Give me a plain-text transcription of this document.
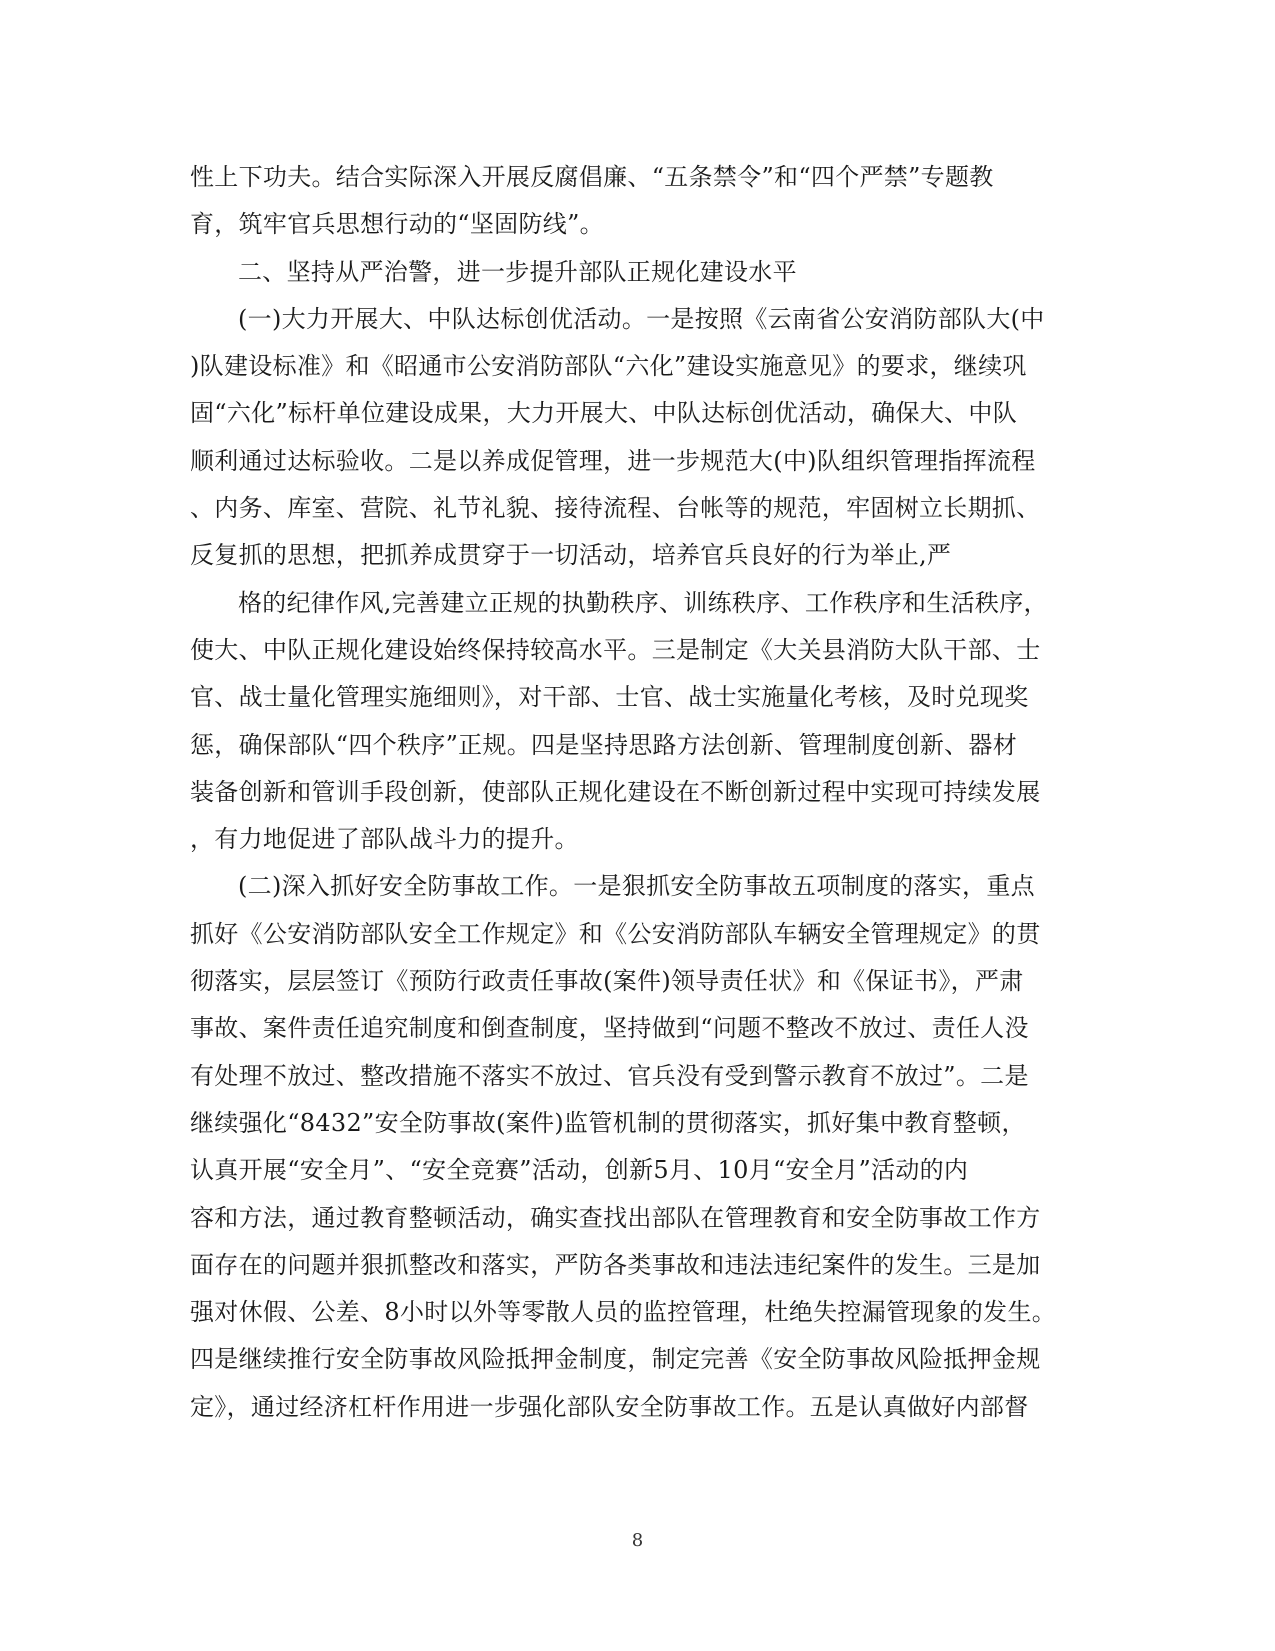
性上下功夫。结合实际深入开展反腐倡廉、“五条禁令”和“四个严禁”专题教
育，筑牢官兵思想行动的“坚固防线”。
二、坚持从严治警，进一步提升部队正规化建设水平
(一)大力开展大、中队达标创优活动。一是按照《云南省公安消防部队大(中
)队建设标准》和《昭通市公安消防部队“六化”建设实施意见》的要求，继续巩
固“六化”标杆单位建设成果，大力开展大、中队达标创优活动，确保大、中队
顺利通过达标验收。二是以养成促管理，进一步规范大(中)队组织管理指挥流程
、内务、库室、营院、礼节礼貌、接待流程、台帐等的规范，牢固树立长期抓、
反复抓的思想，把抓养成贯穿于一切活动，培养官兵良好的行为举止,严
格的纪律作风,完善建立正规的执勤秩序、训练秩序、工作秩序和生活秩序，
使大、中队正规化建设始终保持较高水平。三是制定《大关县消防大队干部、士
官、战士量化管理实施细则》，对干部、士官、战士实施量化考核，及时兑现奖
惩，确保部队“四个秩序”正规。四是坚持思路方法创新、管理制度创新、器材
装备创新和管训手段创新，使部队正规化建设在不断创新过程中实现可持续发展
，有力地促进了部队战斗力的提升。
(二)深入抓好安全防事故工作。一是狠抓安全防事故五项制度的落实，重点
抓好《公安消防部队安全工作规定》和《公安消防部队车辆安全管理规定》的贯
彻落实，层层签订《预防行政责任事故(案件)领导责任状》和《保证书》，严肃
事故、案件责任追究制度和倒查制度，坚持做到“问题不整改不放过、责任人没
有处理不放过、整改措施不落实不放过、官兵没有受到警示教育不放过”。二是
继续强化“8432”安全防事故(案件)监管机制的贯彻落实，抓好集中教育整顿，
认真开展“安全月”、“安全竞赛”活动，创新5月、10月“安全月”活动的内
容和方法，通过教育整顿活动，确实查找出部队在管理教育和安全防事故工作方
面存在的问题并狠抓整改和落实，严防各类事故和违法违纪案件的发生。三是加
强对休假、公差、8小时以外等零散人员的监控管理，杜绝失控漏管现象的发生。
四是继续推行安全防事故风险抵押金制度，制定完善《安全防事故风险抵押金规
定》，通过经济杠杆作用进一步强化部队安全防事故工作。五是认真做好内部督
8
